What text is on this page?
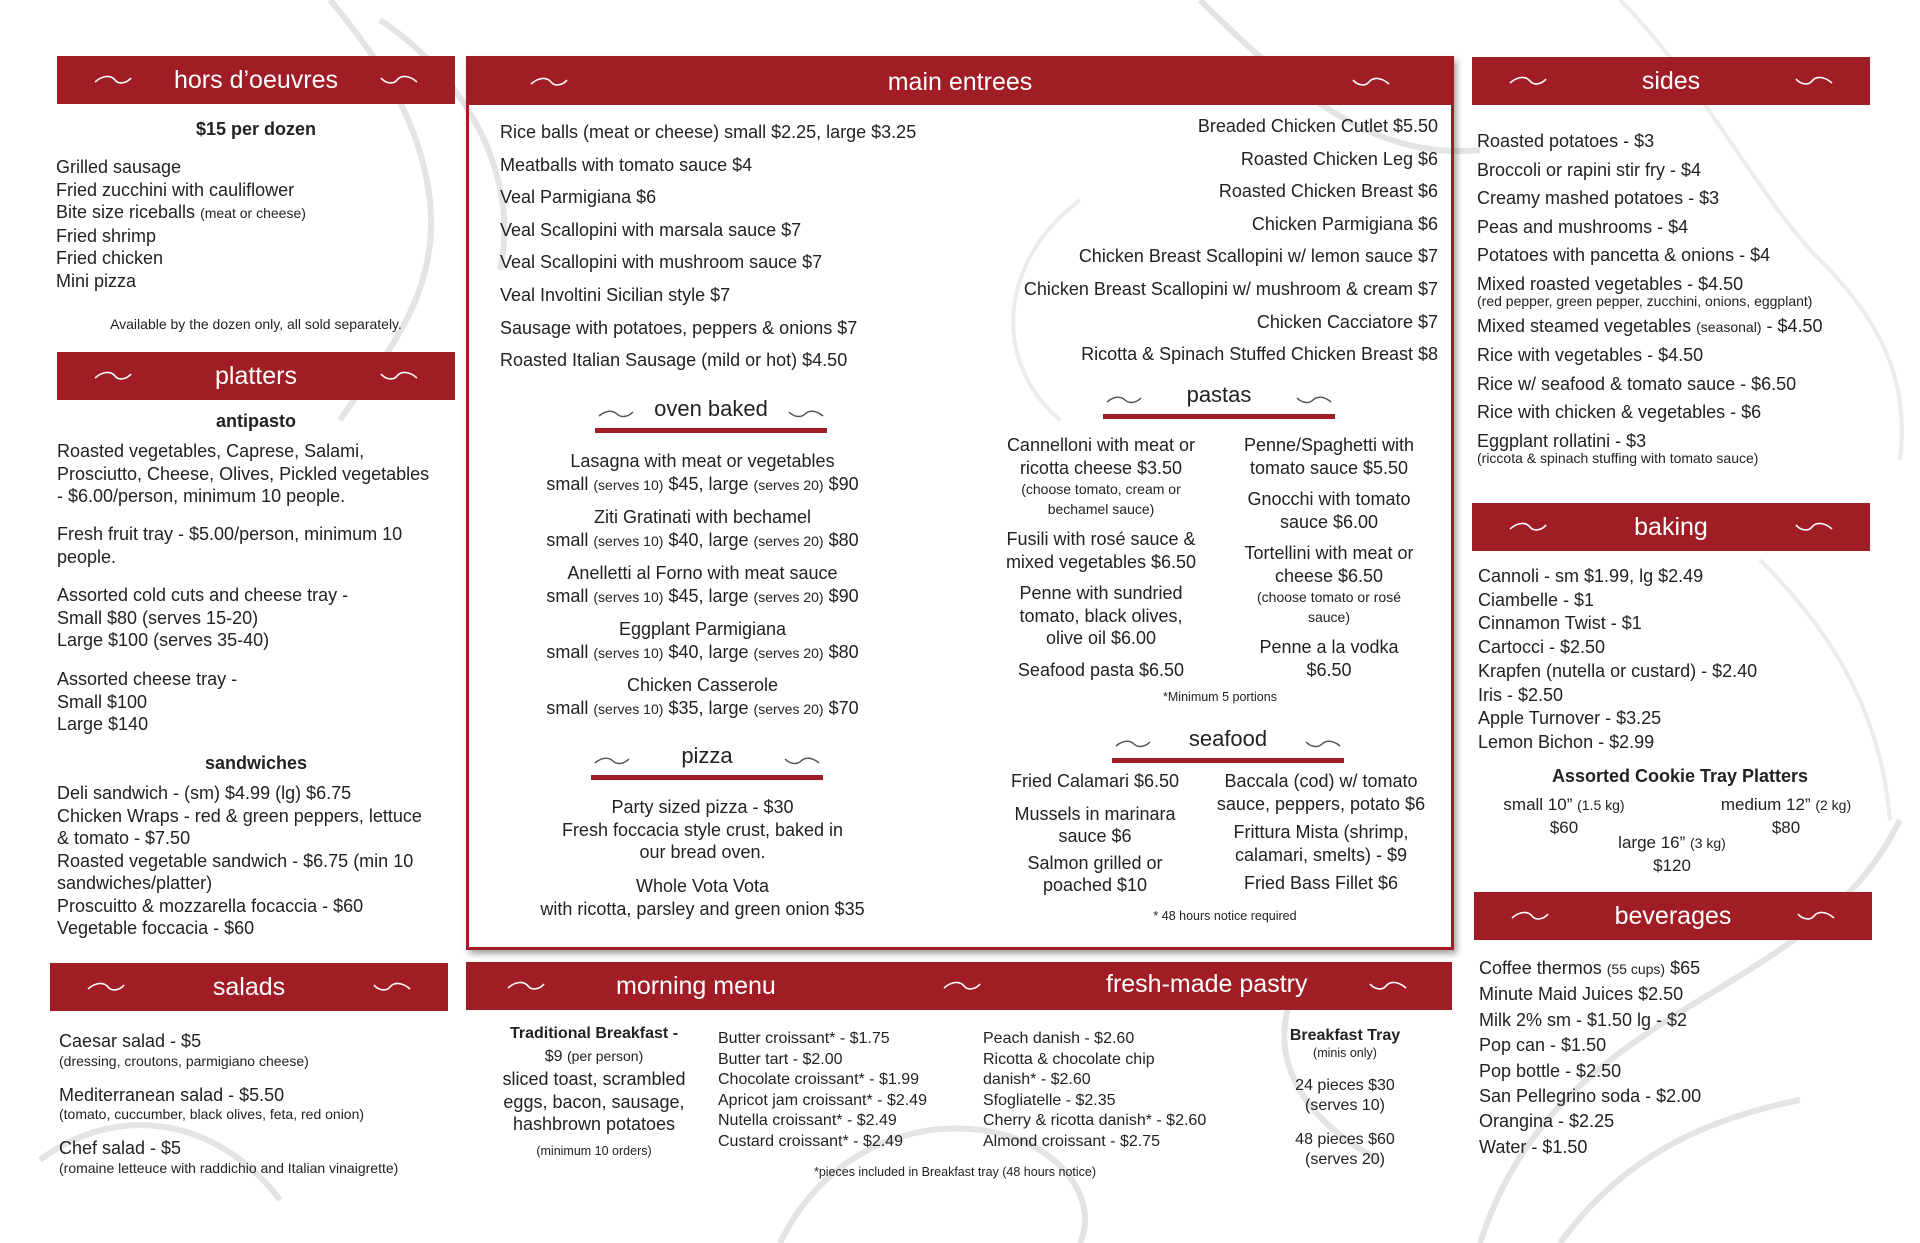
hors d’oeuvres
$15 per dozen
Grilled sausage
Fried zucchini with cauliflower
Bite size riceballs (meat or cheese)
Fried shrimp
Fried chicken
Mini pizza
Available by the dozen only, all sold separately.
platters
antipasto
Roasted vegetables, Caprese, Salami,
Prosciutto, Cheese, Olives, Pickled vegetables
- $6.00/person, minimum 10 people.
Fresh fruit tray - $5.00/person, minimum 10
people.
Assorted cold cuts and cheese tray -
Small $80 (serves 15-20)
Large $100 (serves 35-40)
Assorted cheese tray -
Small $100
Large $140
sandwiches
Deli sandwich - (sm) $4.99 (lg) $6.75
Chicken Wraps - red & green peppers, lettuce
& tomato - $7.50
Roasted vegetable sandwich - $6.75 (min 10
sandwiches/platter)
Proscuitto & mozzarella focaccia - $60
Vegetable foccacia - $60
salads
Caesar salad - $5
(dressing, croutons, parmigiano cheese)
Mediterranean salad - $5.50
(tomato, cuccumber, black olives, feta, red onion)
Chef salad - $5
(romaine letteuce with raddichio and Italian vinaigrette)
main entrees
Rice balls (meat or cheese) small $2.25, large $3.25
Meatballs with tomato sauce $4
Veal Parmigiana $6
Veal Scallopini with marsala sauce $7
Veal Scallopini with mushroom sauce $7
Veal Involtini Sicilian style $7
Sausage with potatoes, peppers & onions $7
Roasted Italian Sausage (mild or hot) $4.50
Breaded Chicken Cutlet $5.50
Roasted Chicken Leg $6
Roasted Chicken Breast $6
Chicken Parmigiana $6
Chicken Breast Scallopini w/ lemon sauce $7
Chicken Breast Scallopini w/ mushroom & cream $7
Chicken Cacciatore $7
Ricotta & Spinach Stuffed Chicken Breast $8
oven baked
Lasagna with meat or vegetables
small (serves 10) $45, large (serves 20) $90
Ziti Gratinati with bechamel
small (serves 10) $40, large (serves 20) $80
Anelletti al Forno with meat sauce
small (serves 10) $45, large (serves 20) $90
Eggplant Parmigiana
small (serves 10) $40, large (serves 20) $80
Chicken Casserole
small (serves 10) $35, large (serves 20) $70
pizza
Party sized pizza - $30
Fresh foccacia style crust, baked in
our bread oven.
Whole Vota Vota
with ricotta, parsley and green onion $35
pastas
Cannelloni with meat or
ricotta cheese $3.50
(choose tomato, cream or
bechamel sauce)
Fusili with rosé sauce &
mixed vegetables $6.50
Penne with sundried
tomato, black olives,
olive oil $6.00
Seafood pasta $6.50
Penne/Spaghetti with
tomato sauce $5.50
Gnocchi with tomato
sauce $6.00
Tortellini with meat or
cheese $6.50
(choose tomato or rosé
sauce)
Penne a la vodka
$6.50
*Minimum 5 portions
seafood
Fried Calamari $6.50
Mussels in marinara
sauce $6
Salmon grilled or
poached $10
Baccala (cod) w/ tomato
sauce, peppers, potato $6
Frittura Mista (shrimp,
calamari, smelts) - $9
Fried Bass Fillet $6
* 48 hours notice required
morning menu	fresh-made pastry
Traditional Breakfast -
$9 (per person)
sliced toast, scrambled
eggs, bacon, sausage,
hashbrown potatoes
(minimum 10 orders)
Butter croissant* - $1.75
Butter tart - $2.00
Chocolate croissant* - $1.99
Apricot jam croissant* - $2.49
Nutella croissant* - $2.49
Custard croissant* - $2.49
Peach danish - $2.60
Ricotta & chocolate chip
danish* - $2.60
Sfogliatelle - $2.35
Cherry & ricotta danish* - $2.60
Almond croissant - $2.75
*pieces included in Breakfast tray (48 hours notice)
Breakfast Tray
(minis only)
24 pieces $30
(serves 10)
48 pieces $60
(serves 20)
sides
Roasted potatoes - $3
Broccoli or rapini stir fry - $4
Creamy mashed potatoes - $3
Peas and mushrooms - $4
Potatoes with pancetta & onions - $4
Mixed roasted vegetables - $4.50
(red pepper, green pepper, zucchini, onions, eggplant)
Mixed steamed vegetables (seasonal) - $4.50
Rice with vegetables - $4.50
Rice w/ seafood & tomato sauce - $6.50
Rice with chicken & vegetables - $6
Eggplant rollatini - $3
(riccota & spinach stuffing with tomato sauce)
baking
Cannoli - sm $1.99, lg $2.49
Ciambelle - $1
Cinnamon Twist - $1
Cartocci - $2.50
Krapfen (nutella or custard) - $2.40
Iris - $2.50
Apple Turnover - $3.25
Lemon Bichon - $2.99
Assorted Cookie Tray Platters
small 10” (1.5 kg)
$60
medium 12” (2 kg)
$80
large 16” (3 kg)
$120
beverages
Coffee thermos (55 cups) $65
Minute Maid Juices $2.50
Milk 2% sm - $1.50 lg - $2
Pop can - $1.50
Pop bottle - $2.50
San Pellegrino soda - $2.00
Orangina - $2.25
Water - $1.50
